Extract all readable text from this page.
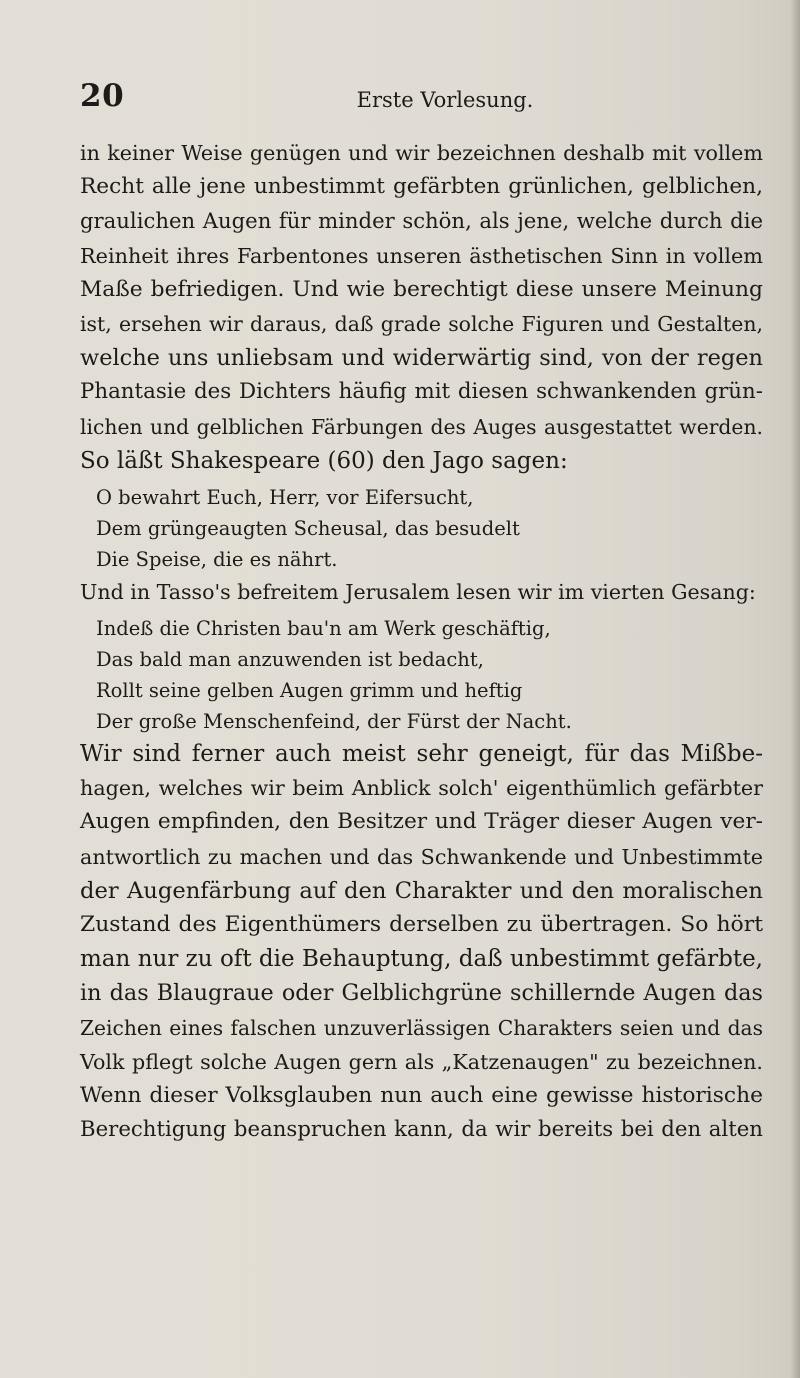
20	Erste Vorlesung.
in keiner Weise genügen und wir bezeichnen deshalb mit vollem
Recht alle jene unbestimmt gefärbten grünlichen, gelblichen,
graulichen Augen für minder schön, als jene, welche durch die
Reinheit ihres Farbentones unseren ästhetischen Sinn in vollem
Maße befriedigen. Und wie berechtigt diese unsere Meinung
ist, ersehen wir daraus, daß grade solche Figuren und Gestalten,
welche uns unliebsam und widerwärtig sind, von der regen
Phantasie des Dichters häufig mit diesen schwankenden grün-
lichen und gelblichen Färbungen des Auges ausgestattet werden.
So läßt Shakespeare (60) den Jago sagen:
O bewahrt Euch, Herr, vor Eifersucht,
Dem grüngeaugten Scheusal, das besudelt
Die Speise, die es nährt.
Und in Tasso's befreitem Jerusalem lesen wir im vierten Gesang:
Indeß die Christen bau'n am Werk geschäftig,
Das bald man anzuwenden ist bedacht,
Rollt seine gelben Augen grimm und heftig
Der große Menschenfeind, der Fürst der Nacht.
Wir sind ferner auch meist sehr geneigt, für das Mißbe-
hagen, welches wir beim Anblick solch' eigenthümlich gefärbter
Augen empfinden, den Besitzer und Träger dieser Augen ver-
antwortlich zu machen und das Schwankende und Unbestimmte
der Augenfärbung auf den Charakter und den moralischen
Zustand des Eigenthümers derselben zu übertragen. So hört
man nur zu oft die Behauptung, daß unbestimmt gefärbte,
in das Blaugraue oder Gelblichgrüne schillernde Augen das
Zeichen eines falschen unzuverlässigen Charakters seien und das
Volk pflegt solche Augen gern als „Katzenaugen" zu bezeichnen.
Wenn dieser Volksglauben nun auch eine gewisse historische
Berechtigung beanspruchen kann, da wir bereits bei den alten
